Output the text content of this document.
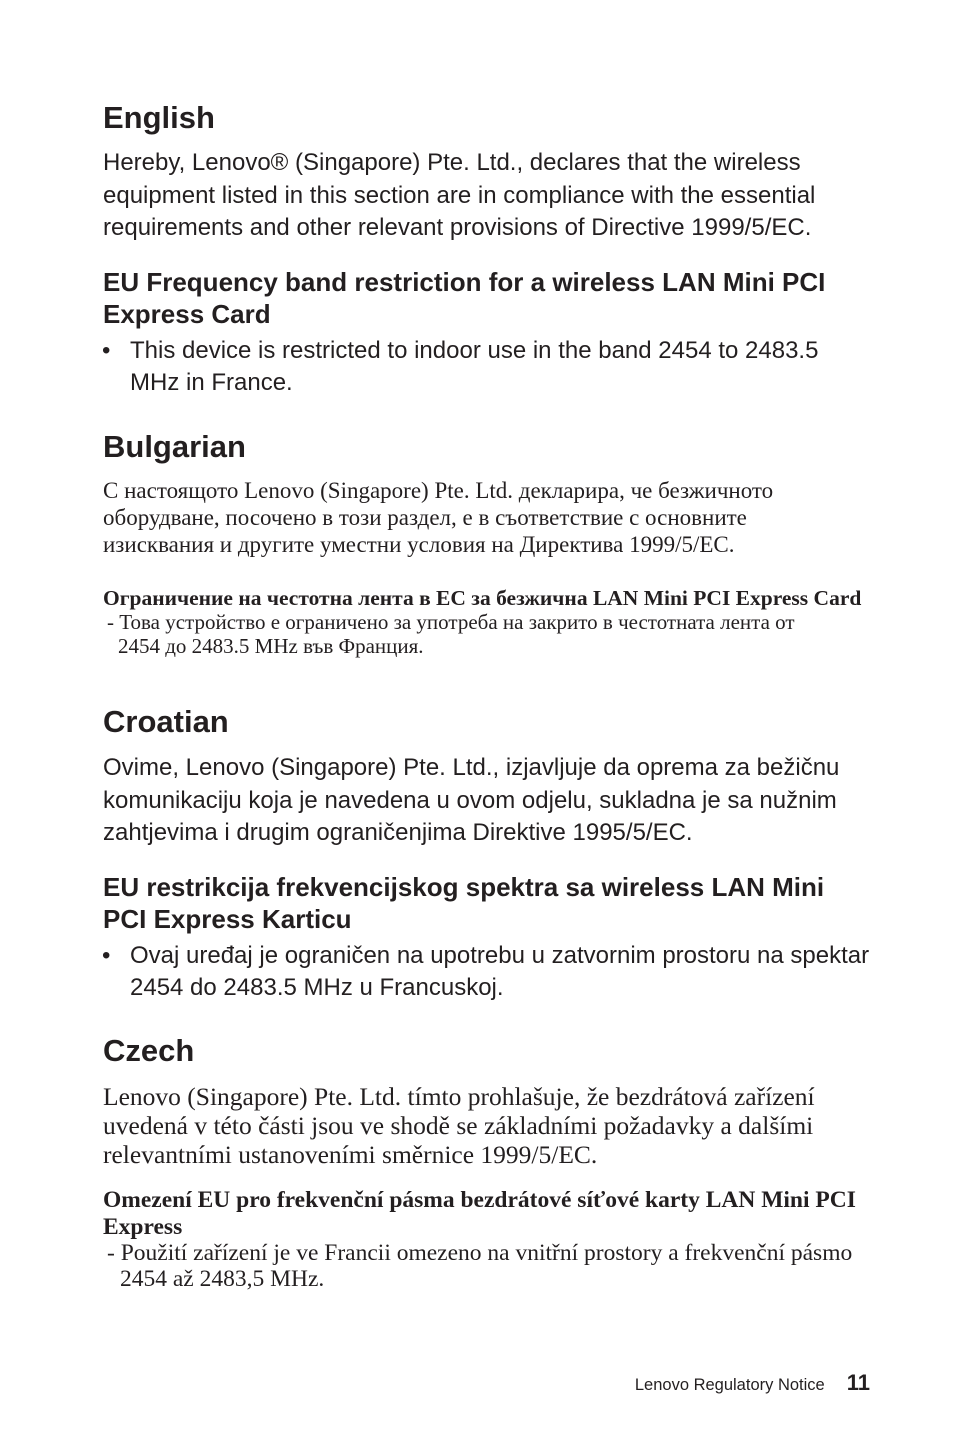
English
Hereby, Lenovo® (Singapore) Pte. Ltd., declares that the wireless
equipment listed in this section are in compliance with the essential
requirements and other relevant provisions of Directive 1999/5/EC.
EU Frequency band restriction for a wireless LAN Mini PCI
Express Card
• This device is restricted to indoor use in the band 2454 to 2483.5
MHz in France.
Bulgarian
С настоящото Lenovo (Singapore) Pte. Ltd. декларира, че безжичното
оборудване, посочено в този раздел, е в съответствие с основните
изисквания и другите уместни условия на Директива 1999/5/EC.
Ограничение на честотна лента в ЕС за безжична LAN Mini PCI Express Card
- Това устройство е ограничено за употреба на закрито в честотната лента от
2454 до 2483.5 MHz във Франция.
Croatian
Ovime, Lenovo (Singapore) Pte. Ltd., izjavljuje da oprema za bežičnu
komunikaciju koja je navedena u ovom odjelu, sukladna je sa nužnim
zahtjevima i drugim ograničenjima Direktive 1995/5/EC.
EU restrikcija frekvencijskog spektra sa wireless LAN Mini
PCI Express Karticu
• Ovaj uređaj je ograničen na upotrebu u zatvornim prostoru na spektar
2454 do 2483.5 MHz u Francuskoj.
Czech
Lenovo (Singapore) Pte. Ltd. tímto prohlašuje, že bezdrátová zařízení
uvedená v této části jsou ve shodě se základními požadavky a dalšími
relevantními ustanoveními směrnice 1999/5/EC.
Omezení EU pro frekvenční pásma bezdrátové síťové karty LAN Mini PCI
Express
- Použití zařízení je ve Francii omezeno na vnitřní prostory a frekvenční pásmo
2454 až 2483,5 MHz.
Lenovo Regulatory Notice 11
